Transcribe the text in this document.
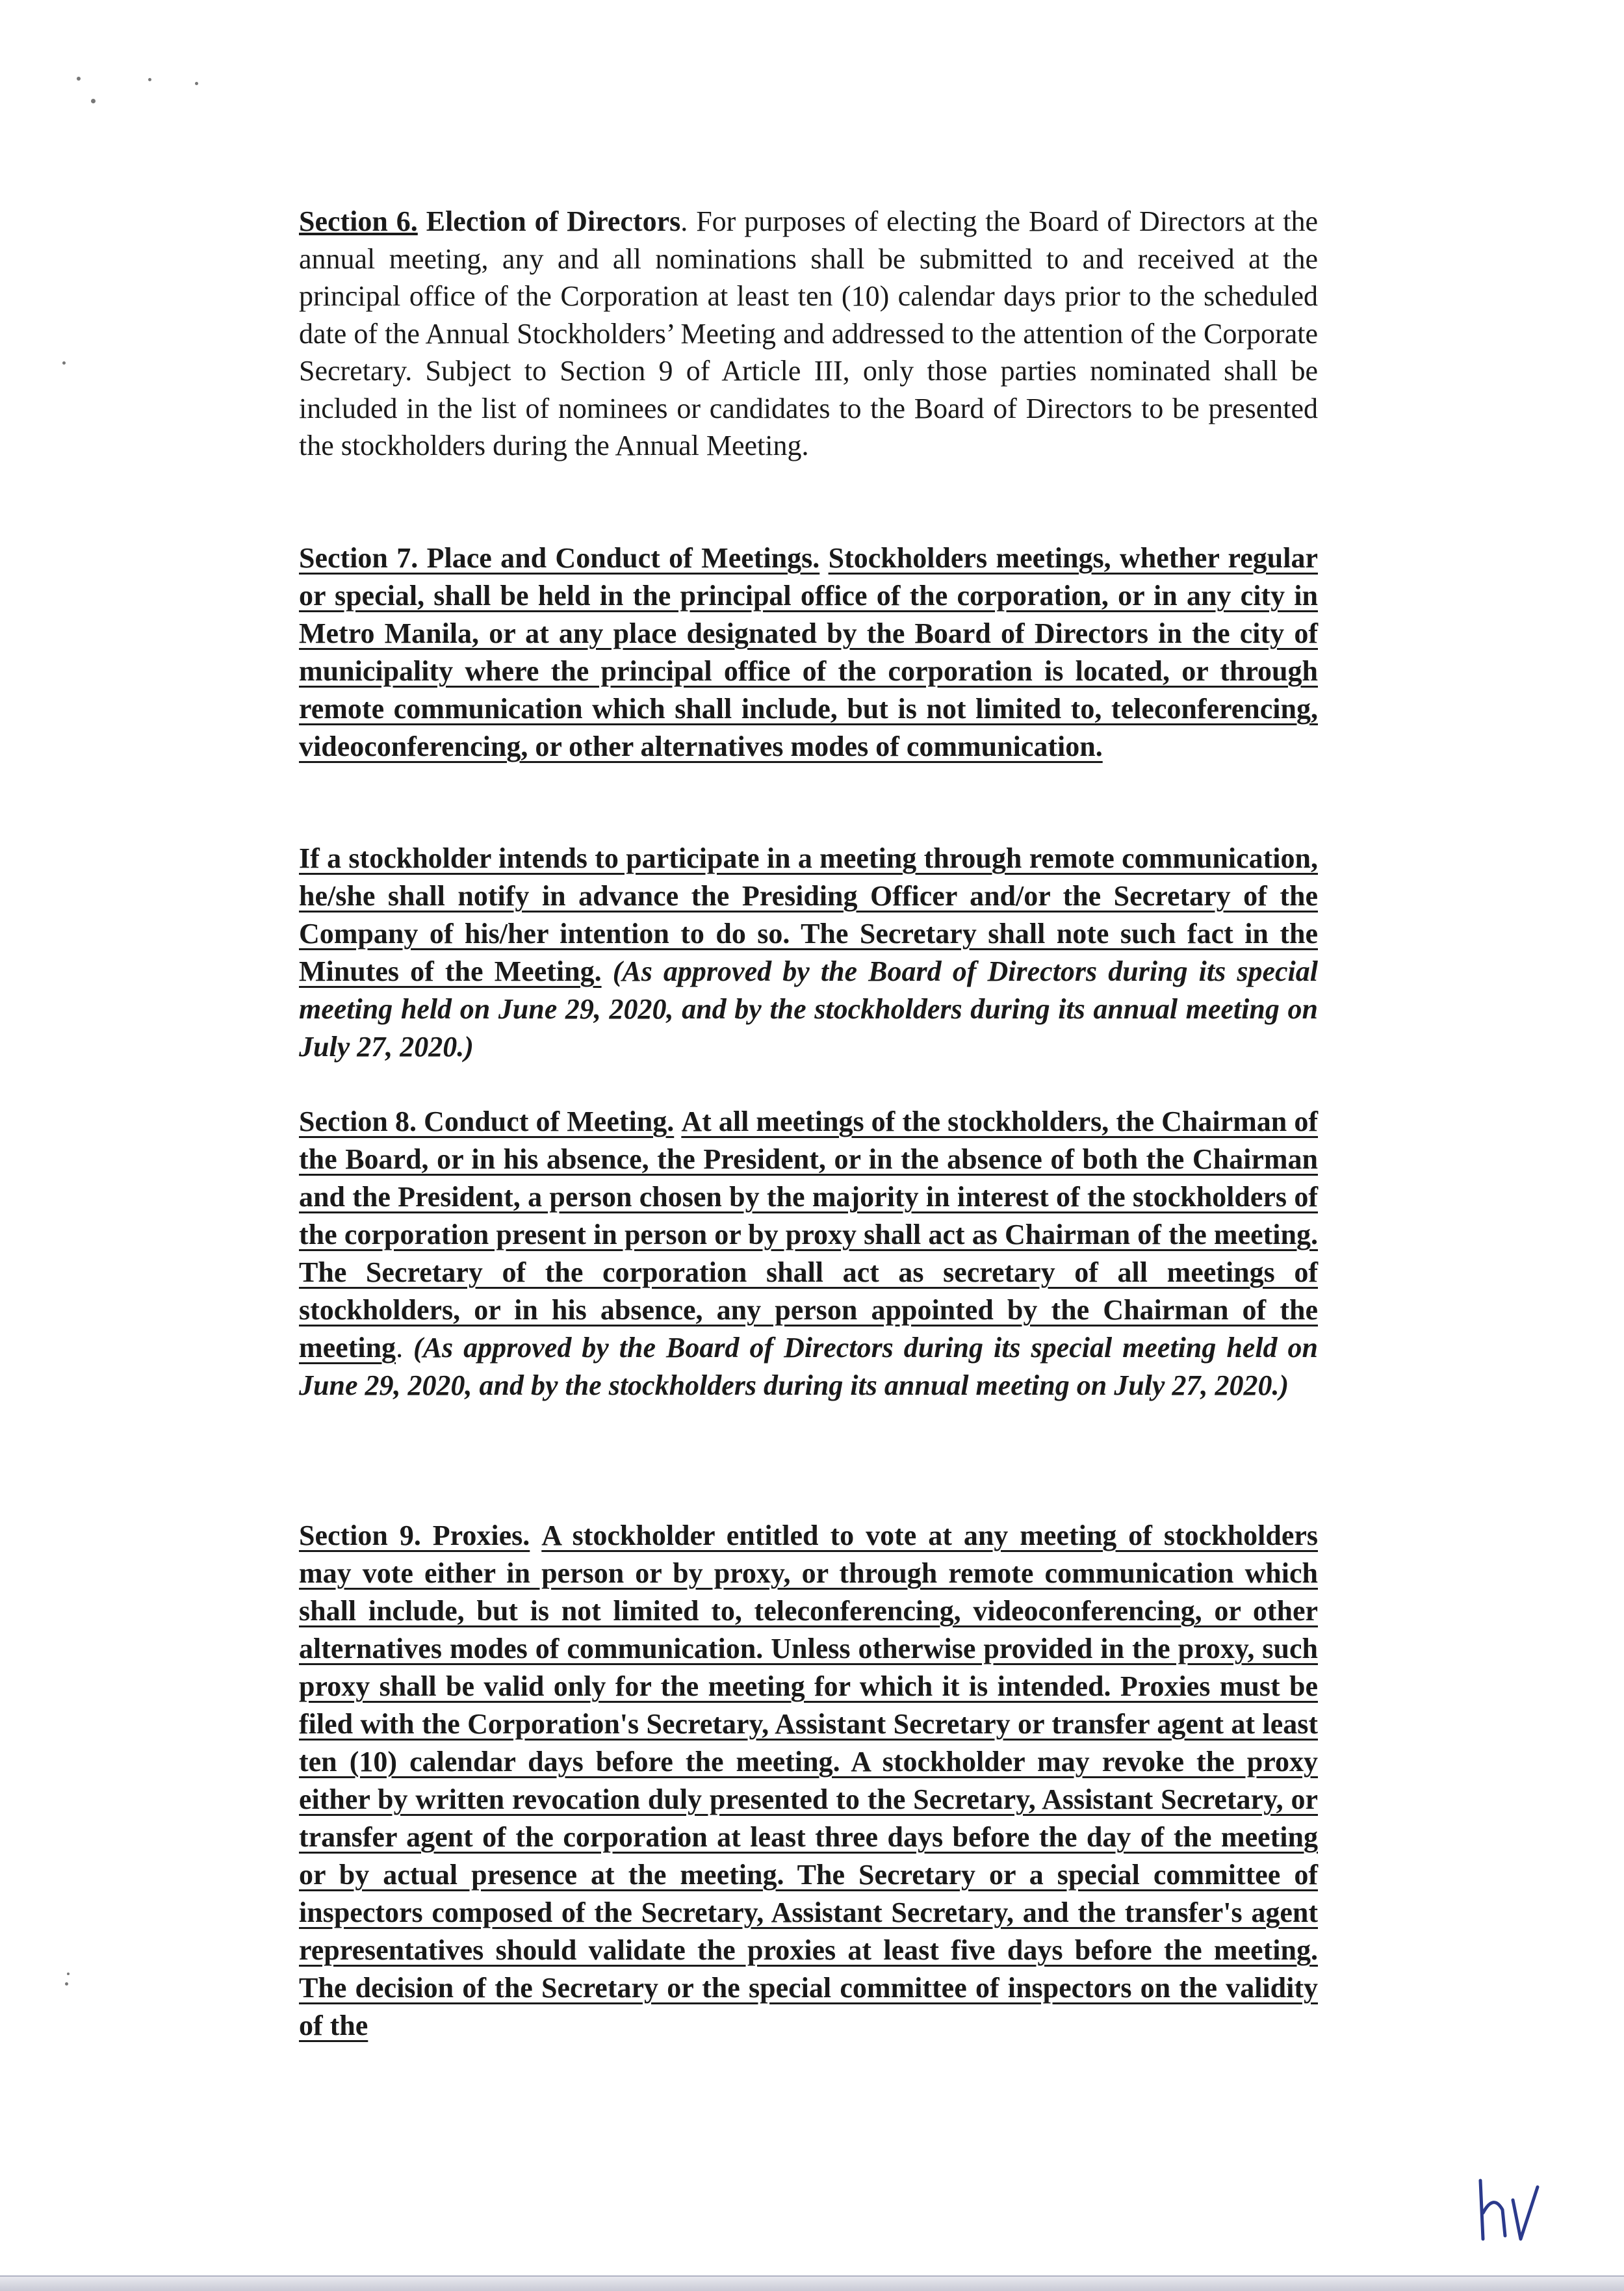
Section 6. Election of Directors. For purposes of electing the Board of Directors at the annual meeting, any and all nominations shall be submitted to and received at the principal office of the Corporation at least ten (10) calendar days prior to the scheduled date of the Annual Stockholders’ Meeting and addressed to the attention of the Corporate Secretary. Subject to Section 9 of Article III, only those parties nominated shall be included in the list of nominees or candidates to the Board of Directors to be presented the stockholders during the Annual Meeting.
Section 7. Place and Conduct of Meetings. Stockholders meetings, whether regular or special, shall be held in the principal office of the corporation, or in any city in Metro Manila, or at any place designated by the Board of Directors in the city of municipality where the principal office of the corporation is located, or through remote communication which shall include, but is not limited to, teleconferencing, videoconferencing, or other alternatives modes of communication.
If a stockholder intends to participate in a meeting through remote communication, he/she shall notify in advance the Presiding Officer and/or the Secretary of the Company of his/her intention to do so. The Secretary shall note such fact in the Minutes of the Meeting. (As approved by the Board of Directors during its special meeting held on June 29, 2020, and by the stockholders during its annual meeting on July 27, 2020.)
Section 8. Conduct of Meeting. At all meetings of the stockholders, the Chairman of the Board, or in his absence, the President, or in the absence of both the Chairman and the President, a person chosen by the majority in interest of the stockholders of the corporation present in person or by proxy shall act as Chairman of the meeting. The Secretary of the corporation shall act as secretary of all meetings of stockholders, or in his absence, any person appointed by the Chairman of the meeting. (As approved by the Board of Directors during its special meeting held on June 29, 2020, and by the stockholders during its annual meeting on July 27, 2020.)
Section 9. Proxies. A stockholder entitled to vote at any meeting of stockholders may vote either in person or by proxy, or through remote communication which shall include, but is not limited to, teleconferencing, videoconferencing, or other alternatives modes of communication. Unless otherwise provided in the proxy, such proxy shall be valid only for the meeting for which it is intended. Proxies must be filed with the Corporation's Secretary, Assistant Secretary or transfer agent at least ten (10) calendar days before the meeting. A stockholder may revoke the proxy either by written revocation duly presented to the Secretary, Assistant Secretary, or transfer agent of the corporation at least three days before the day of the meeting or by actual presence at the meeting. The Secretary or a special committee of inspectors composed of the Secretary, Assistant Secretary, and the transfer's agent representatives should validate the proxies at least five days before the meeting. The decision of the Secretary or the special committee of inspectors on the validity of the
